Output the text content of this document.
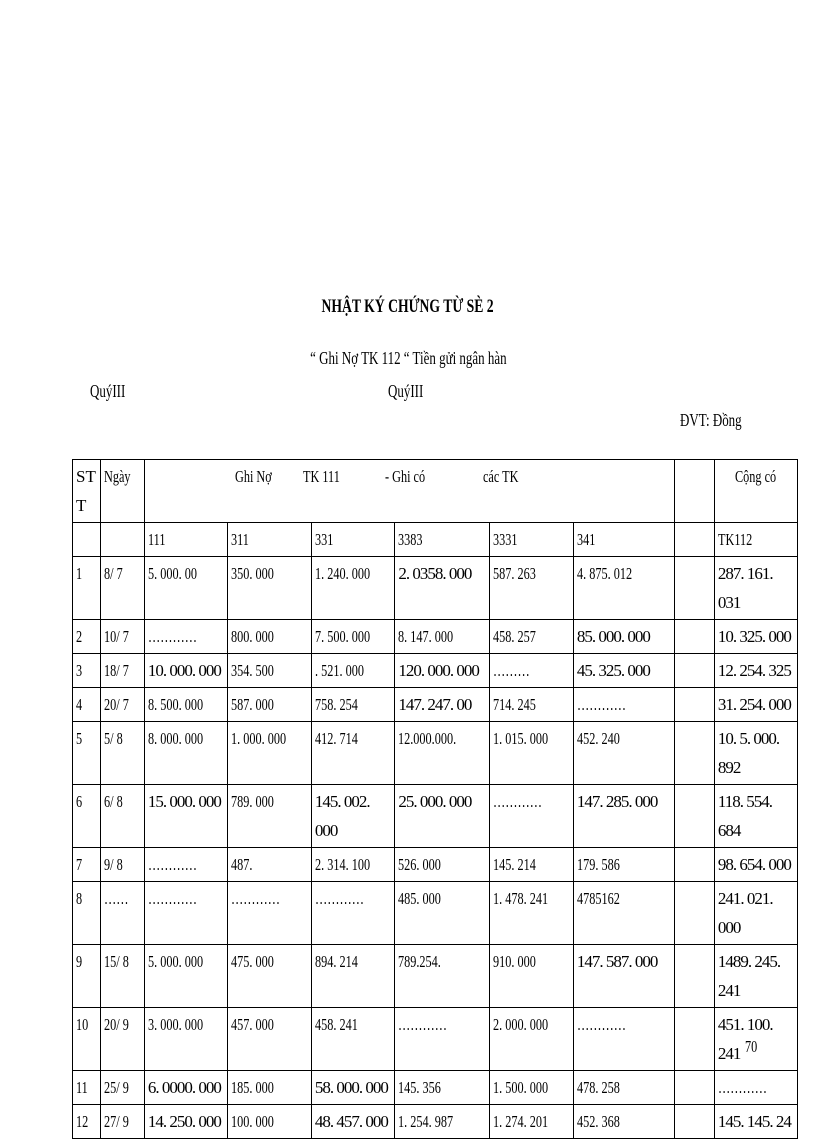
NHẬT KÝ CHỨNG TỪ SÈ 2
“ Ghi Nợ TK 112 “ Tiền gửi ngân hàn
QuýIII	QuýIII
ĐVT: Đồng
ST T	Ngày	Ghi Nợ TK 111 - Ghi có các TK							Cộng có
		111	311	331	3383	3331	341		TK112
1	8/ 7	5. 000. 00	350. 000	1. 240. 000	2. 0358. 000	587. 263	4. 875. 012		287. 161. 031

2	10/ 7	…………	800. 000	7. 500. 000	8. 147. 000	458. 257	85. 000. 000		10. 325. 000

3	18/ 7	10. 000. 000	354. 500	. 521. 000	120. 000. 000	………	45. 325. 000		12. 254. 325

4	20/ 7	8. 500. 000	587. 000	758. 254	147. 247. 00	714. 245	…………		31. 254. 000

5	5/ 8	8. 000. 000	1. 000. 000	412. 714	12.000.000.	1. 015. 000	452. 240		10. 5. 000. 892

6	6/ 8	15. 000. 000	789. 000	145. 002. 000	25. 000. 000	…………	147. 285. 000		118. 554. 684

7	9/ 8	…………	487.	2. 314. 100	526. 000	145. 214	179. 586		98. 654. 000

8	……	…………	…………	…………	485. 000	1. 478. 241	4785162		241. 021. 000

9	15/ 8	5. 000. 000	475. 000	894. 214	789.254.	910. 000	147. 587. 000		1489. 245. 241

10	20/ 9	3. 000. 000	457. 000	458. 241	…………	2. 000. 000	…………		451. 100. 241

11	25/ 9	6. 0000. 000	185. 000	58. 000. 000	145. 356	1. 500. 000	478. 258		…………
12	27/ 9	14. 250. 000	100. 000	48. 457. 000	1. 254. 987	1. 274. 201	452. 368		145. 145. 24
70
